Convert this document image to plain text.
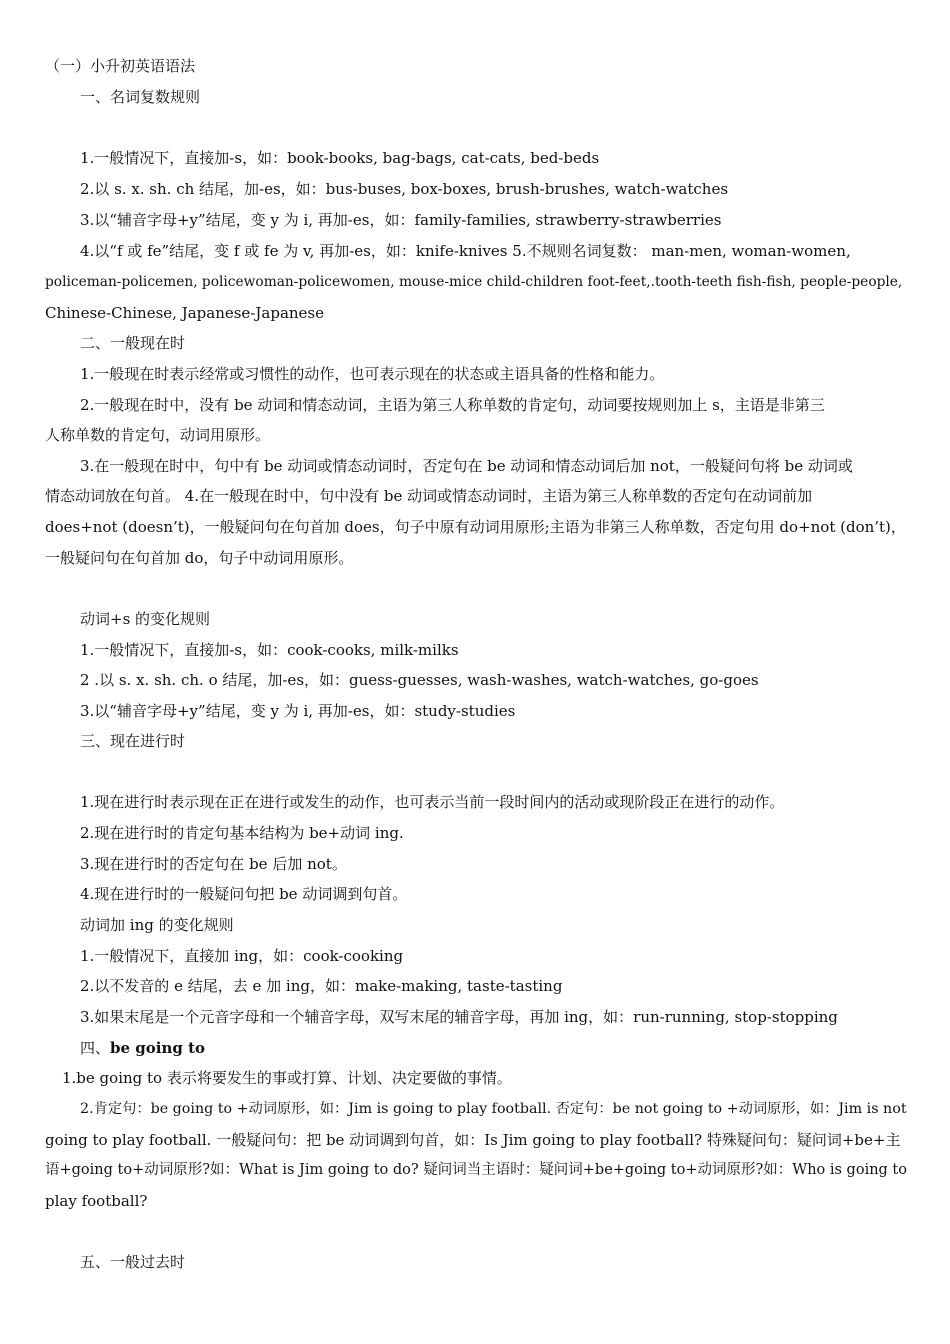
（一）小升初英语语法

一、名词复数规则

1.一般情况下，直接加-s，如：book-books, bag-bags, cat-cats, bed-beds

2.以 s. x. sh. ch 结尾，加-es，如：bus-buses, box-boxes, brush-brushes, watch-watches

3.以“辅音字母+y”结尾，变 y 为 i, 再加-es，如：family-families, strawberry-strawberries

4.以“f 或 fe”结尾，变 f 或 fe 为 v, 再加-es，如：knife-knives 5.不规则名词复数： man-men, woman-women,

policeman-policemen, policewoman-policewomen, mouse-mice child-children foot-feet,.tooth-teeth fish-fish, people-people,

Chinese-Chinese, Japanese-Japanese

二、一般现在时

1.一般现在时表示经常或习惯性的动作，也可表示现在的状态或主语具备的性格和能力。

2.一般现在时中，没有 be 动词和情态动词，主语为第三人称单数的肯定句，动词要按规则加上 s，主语是非第三

人称单数的肯定句，动词用原形。

3.在一般现在时中，句中有 be 动词或情态动词时，否定句在 be 动词和情态动词后加 not，一般疑问句将 be 动词或

情态动词放在句首。 4.在一般现在时中，句中没有 be 动词或情态动词时，主语为第三人称单数的否定句在动词前加

does+not (doesn’t)，一般疑问句在句首加 does，句子中原有动词用原形;主语为非第三人称单数，否定句用 do+not (don’t)，

一般疑问句在句首加 do，句子中动词用原形。

动词+s 的变化规则

1.一般情况下，直接加-s，如：cook-cooks, milk-milks

2 .以 s. x. sh. ch. o 结尾，加-es，如：guess-guesses, wash-washes, watch-watches, go-goes

3.以“辅音字母+y”结尾，变 y 为 i, 再加-es，如：study-studies

三、现在进行时

1.现在进行时表示现在正在进行或发生的动作，也可表示当前一段时间内的活动或现阶段正在进行的动作。

2.现在进行时的肯定句基本结构为 be+动词 ing.

3.现在进行时的否定句在 be 后加 not。

4.现在进行时的一般疑问句把 be 动词调到句首。

动词加 ing 的变化规则

1.一般情况下，直接加 ing，如：cook-cooking

2.以不发音的 e 结尾，去 e 加 ing，如：make-making, taste-tasting

3.如果末尾是一个元音字母和一个辅音字母，双写末尾的辅音字母，再加 ing，如：run-running, stop-stopping

四、be going to

1.be going to 表示将要发生的事或打算、计划、决定要做的事情。

2.肯定句：be going to +动词原形，如：Jim is going to play football. 否定句：be not going to +动词原形，如：Jim is not

going to play football. 一般疑问句：把 be 动词调到句首，如：Is Jim going to play football? 特殊疑问句：疑问词+be+主

语+going to+动词原形?如：What is Jim going to do? 疑问词当主语时：疑问词+be+going to+动词原形?如：Who is going to

play football?

五、一般过去时
